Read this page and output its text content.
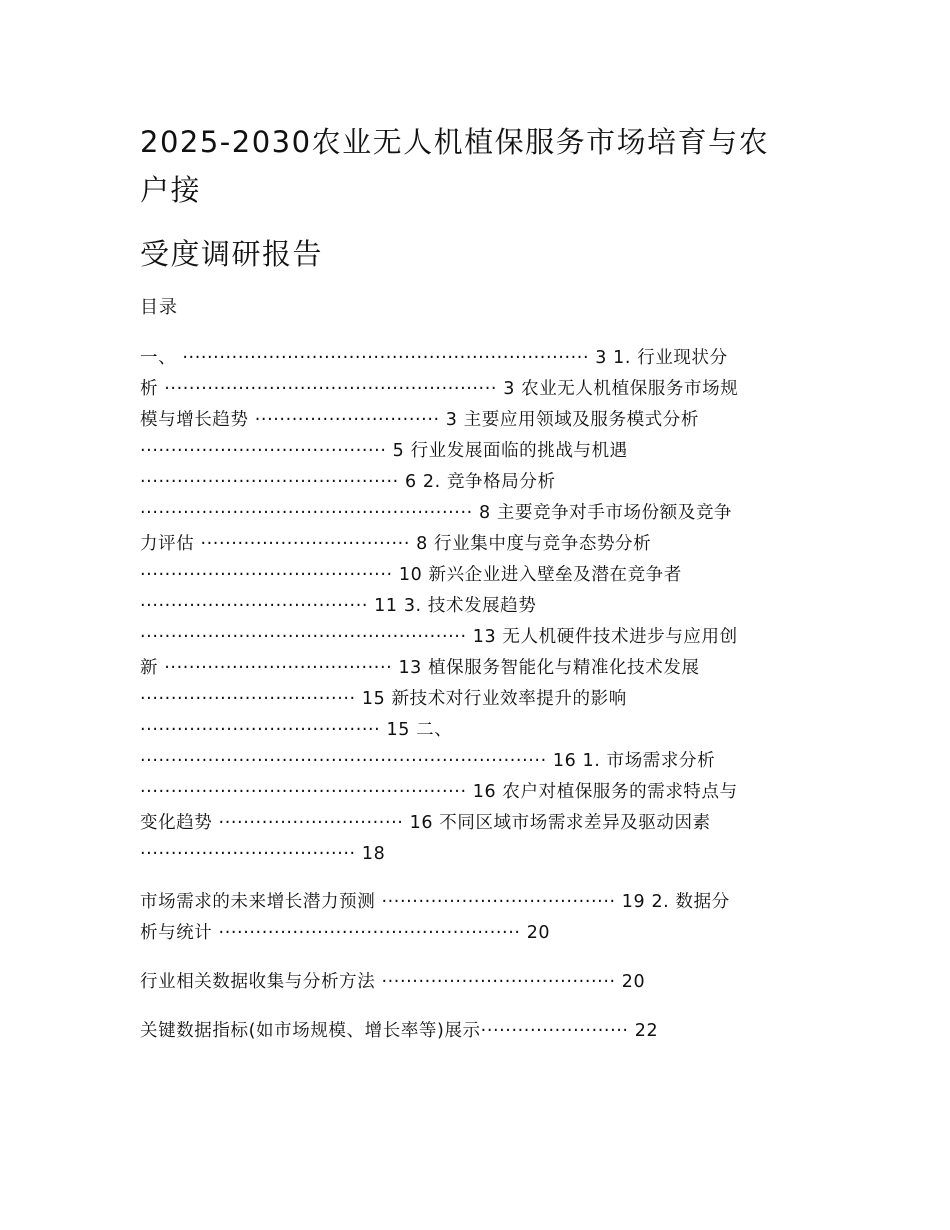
2025-2030农业无人机植保服务市场培育与农
户接
受度调研报告
目录
一、 ·································································· 3 1. 行业现状分
析 ······················································ 3 农业无人机植保服务市场规
模与增长趋势 ······························ 3 主要应用领域及服务模式分析
········································ 5 行业发展面临的挑战与机遇
·········································· 6 2. 竞争格局分析
······················································ 8 主要竞争对手市场份额及竞争
力评估 ·································· 8 行业集中度与竞争态势分析
········································· 10 新兴企业进入壁垒及潜在竞争者
····································· 11 3. 技术发展趋势
····················································· 13 无人机硬件技术进步与应用创
新 ····································· 13 植保服务智能化与精准化技术发展
··································· 15 新技术对行业效率提升的影响
······································· 15 二、
·································································· 16 1. 市场需求分析
····················································· 16 农户对植保服务的需求特点与
变化趋势 ······························ 16 不同区域市场需求差异及驱动因素
··································· 18
市场需求的未来增长潜力预测 ······································ 19 2. 数据分
析与统计 ················································· 20
行业相关数据收集与分析方法 ······································ 20
关键数据指标(如市场规模、增长率等)展示························ 22
